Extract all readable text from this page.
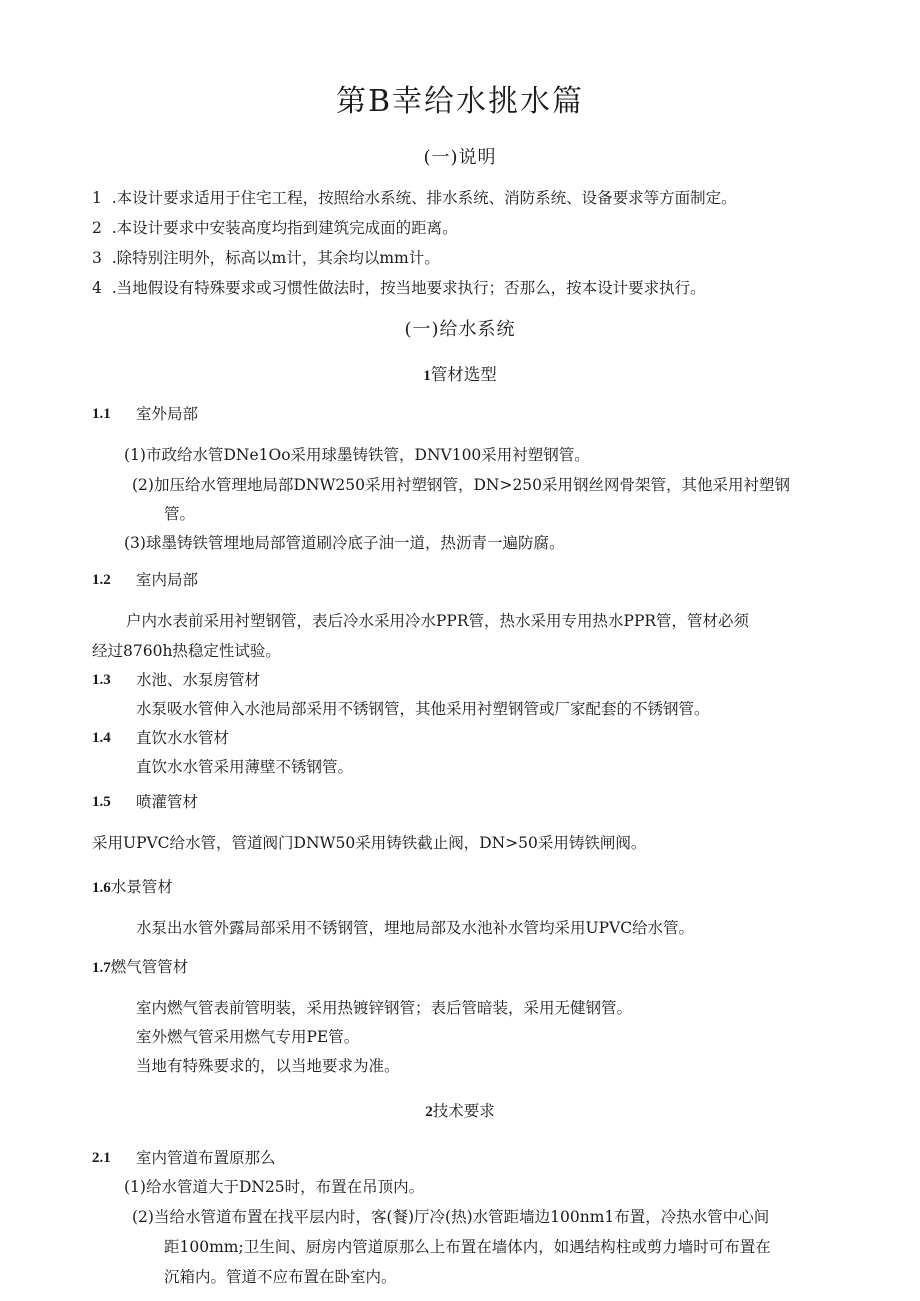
第B幸给水挑水篇
(一)说明
1 .本设计要求适用于住宅工程，按照给水系统、排水系统、消防系统、设备要求等方面制定。
2 .本设计要求中安装高度均指到建筑完成面的距离。
3 .除特别注明外，标高以m计，其余均以mm计。
4 .当地假设有特殊要求或习惯性做法时，按当地要求执行；否那么，按本设计要求执行。
(一)给水系统
1管材选型
1.1 室外局部
(1)市政给水管DNe1Oo采用球墨铸铁管，DNV100采用衬塑钢管。
(2)加压给水管理地局部DNW250采用衬塑钢管，DN>250采用钢丝网骨架管，其他采用衬塑钢
管。
(3)球墨铸铁管埋地局部管道刷冷底子油一道，热沥青一遍防腐。
1.2 室内局部
户内水表前采用衬塑钢管，表后冷水采用冷水PPR管，热水采用专用热水PPR管，管材必须
经过8760h热稳定性试验。
1.3 水池、水泵房管材
水泵吸水管伸入水池局部采用不锈钢管，其他采用衬塑钢管或厂家配套的不锈钢管。
1.4 直饮水水管材
直饮水水管采用薄壁不锈钢管。
1.5 喷灌管材
采用UPVC给水管，管道阀门DNW50采用铸铁截止阀，DN>50采用铸铁闸阀。
1.6水景管材
水泵出水管外露局部采用不锈钢管，埋地局部及水池补水管均采用UPVC给水管。
1.7燃气管管材
室内燃气管表前管明装，采用热镀锌钢管；表后管暗装，采用无健钢管。
室外燃气管采用燃气专用PE管。
当地有特殊要求的，以当地要求为准。
2技术要求
2.1 室内管道布置原那么
(1)给水管道大于DN25时，布置在吊顶内。
(2)当给水管道布置在找平层内时，客(餐)厅冷(热)水管距墙边100nm1布置，冷热水管中心间
距100mm;卫生间、厨房内管道原那么上布置在墙体内，如遇结构柱或剪力墙时可布置在
沉箱内。管道不应布置在卧室内。
